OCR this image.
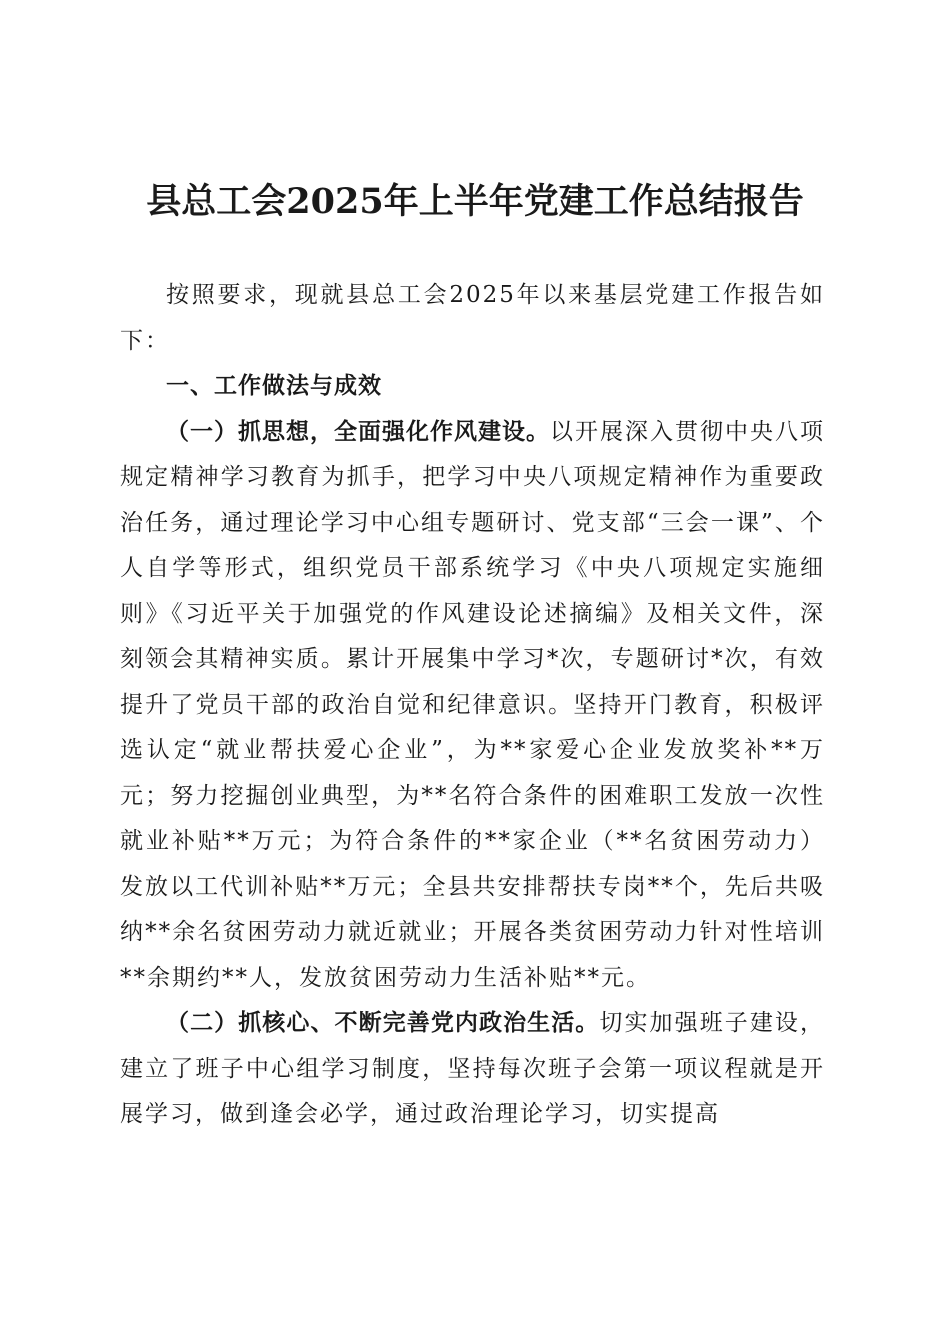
县总工会2025年上半年党建工作总结报告

按照要求，现就县总工会2025年以来基层党建工作报告如下：

一、工作做法与成效

（一）抓思想，全面强化作风建设。以开展深入贯彻中央八项规定精神学习教育为抓手，把学习中央八项规定精神作为重要政治任务，通过理论学习中心组专题研讨、党支部“三会一课”、个人自学等形式，组织党员干部系统学习《中央八项规定实施细则》《习近平关于加强党的作风建设论述摘编》及相关文件，深刻领会其精神实质。累计开展集中学习*次，专题研讨*次，有效提升了党员干部的政治自觉和纪律意识。坚持开门教育，积极评选认定“就业帮扶爱心企业”，为**家爱心企业发放奖补**万元；努力挖掘创业典型，为**名符合条件的困难职工发放一次性就业补贴**万元；为符合条件的**家企业（**名贫困劳动力）发放以工代训补贴**万元；全县共安排帮扶专岗**个，先后共吸纳**余名贫困劳动力就近就业；开展各类贫困劳动力针对性培训**余期约**人，发放贫困劳动力生活补贴**元。

（二）抓核心、不断完善党内政治生活。切实加强班子建设，建立了班子中心组学习制度，坚持每次班子会第一项议程就是开展学习，做到逢会必学，通过政治理论学习，切实提高
